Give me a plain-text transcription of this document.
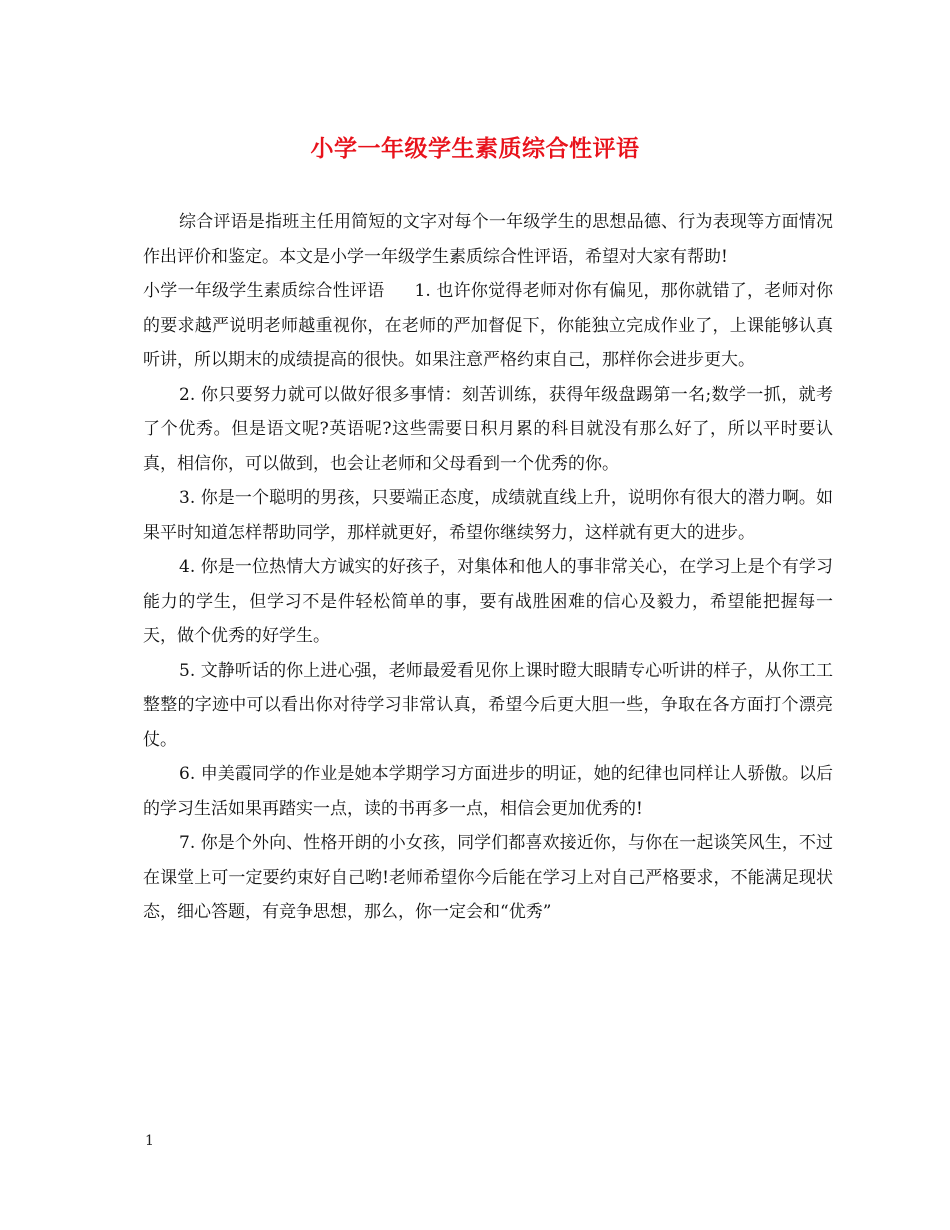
小学一年级学生素质综合性评语

综合评语是指班主任用简短的文字对每个一年级学生的思想品德、行为表现等方面情况作出评价和鉴定。本文是小学一年级学生素质综合性评语，希望对大家有帮助!

小学一年级学生素质综合性评语 1. 也许你觉得老师对你有偏见，那你就错了，老师对你的要求越严说明老师越重视你，在老师的严加督促下，你能独立完成作业了，上课能够认真听讲，所以期末的成绩提高的很快。如果注意严格约束自己，那样你会进步更大。

2. 你只要努力就可以做好很多事情：刻苦训练，获得年级盘踢第一名;数学一抓，就考了个优秀。但是语文呢?英语呢?这些需要日积月累的科目就没有那么好了，所以平时要认真，相信你，可以做到，也会让老师和父母看到一个优秀的你。

3. 你是一个聪明的男孩，只要端正态度，成绩就直线上升，说明你有很大的潜力啊。如果平时知道怎样帮助同学，那样就更好，希望你继续努力，这样就有更大的进步。

4. 你是一位热情大方诚实的好孩子，对集体和他人的事非常关心，在学习上是个有学习能力的学生，但学习不是件轻松简单的事，要有战胜困难的信心及毅力，希望能把握每一天，做个优秀的好学生。

5. 文静听话的你上进心强，老师最爱看见你上课时瞪大眼睛专心听讲的样子，从你工工整整的字迹中可以看出你对待学习非常认真，希望今后更大胆一些，争取在各方面打个漂亮仗。

6. 申美霞同学的作业是她本学期学习方面进步的明证，她的纪律也同样让人骄傲。以后的学习生活如果再踏实一点，读的书再多一点，相信会更加优秀的!

7. 你是个外向、性格开朗的小女孩，同学们都喜欢接近你，与你在一起谈笑风生，不过在课堂上可一定要约束好自己哟!老师希望你今后能在学习上对自己严格要求，不能满足现状态，细心答题，有竞争思想，那么，你一定会和“优秀”

1
